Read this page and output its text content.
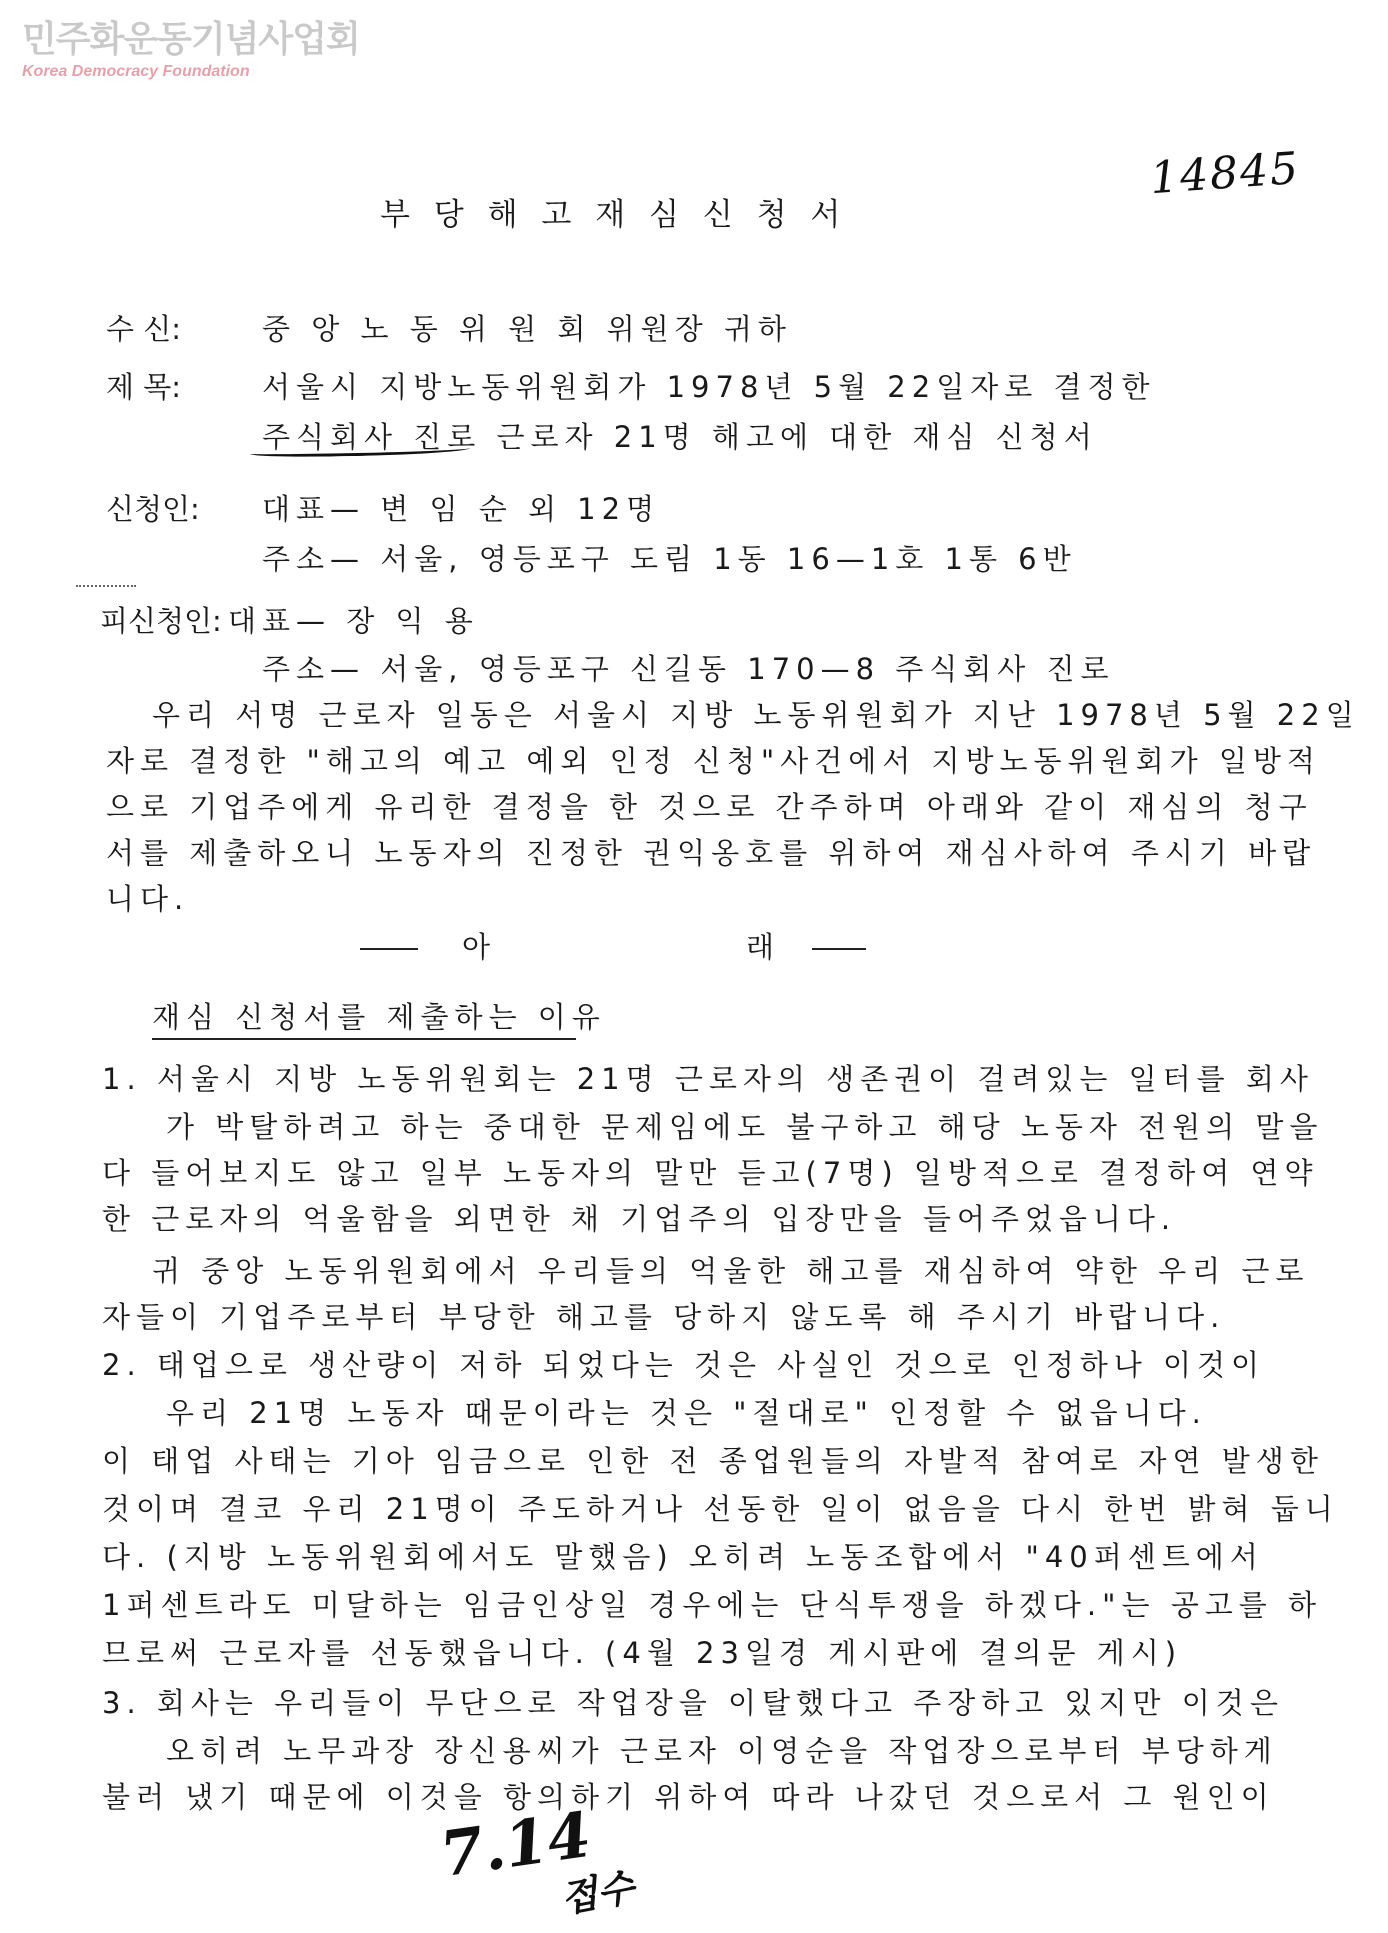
민주화운동기념사업회
Korea Democracy Foundation
14845
부 당 해 고 재 심 신 청 서
수 신:	중 앙 노 동 위 원 회 위원장 귀하
제 목:	서울시 지방노동위원회가 1978년 5월 22일자로 결정한
주식회사 진로 근로자 21명 해고에 대한 재심 신청서
신청인: 대표— 변 임 순 외 12명
주소— 서울, 영등포구 도림 1동 16—1호 1통 6반
피신청인: 대표— 장 익 용
주소— 서울, 영등포구 신길동 170—8 주식회사 진로
우리 서명 근로자 일동은 서울시 지방 노동위원회가 지난 1978년 5월 22일
자로 결정한 "해고의 예고 예외 인정 신청"사건에서 지방노동위원회가 일방적
으로 기업주에게 유리한 결정을 한 것으로 간주하며 아래와 같이 재심의 청구
서를 제출하오니 노동자의 진정한 권익옹호를 위하여 재심사하여 주시기 바랍
니다.
아	래
재심 신청서를 제출하는 이유
1. 서울시 지방 노동위원회는 21명 근로자의 생존권이 걸려있는 일터를 회사
가 박탈하려고 하는 중대한 문제임에도 불구하고 해당 노동자 전원의 말을
다 들어보지도 않고 일부 노동자의 말만 듣고(7명) 일방적으로 결정하여 연약
한 근로자의 억울함을 외면한 채 기업주의 입장만을 들어주었읍니다.
귀 중앙 노동위원회에서 우리들의 억울한 해고를 재심하여 약한 우리 근로
자들이 기업주로부터 부당한 해고를 당하지 않도록 해 주시기 바랍니다.
2. 태업으로 생산량이 저하 되었다는 것은 사실인 것으로 인정하나 이것이
우리 21명 노동자 때문이라는 것은 "절대로" 인정할 수 없읍니다.
이 태업 사태는 기아 임금으로 인한 전 종업원들의 자발적 참여로 자연 발생한
것이며 결코 우리 21명이 주도하거나 선동한 일이 없음을 다시 한번 밝혀 둡니
다. (지방 노동위원회에서도 말했음) 오히려 노동조합에서 "40퍼센트에서
1퍼센트라도 미달하는 임금인상일 경우에는 단식투쟁을 하겠다."는 공고를 하
므로써 근로자를 선동했읍니다. (4월 23일경 게시판에 결의문 게시)
3. 회사는 우리들이 무단으로 작업장을 이탈했다고 주장하고 있지만 이것은
오히려 노무과장 장신용씨가 근로자 이영순을 작업장으로부터 부당하게
불러 냈기 때문에 이것을 항의하기 위하여 따라 나갔던 것으로서 그 원인이
7.14
접수
